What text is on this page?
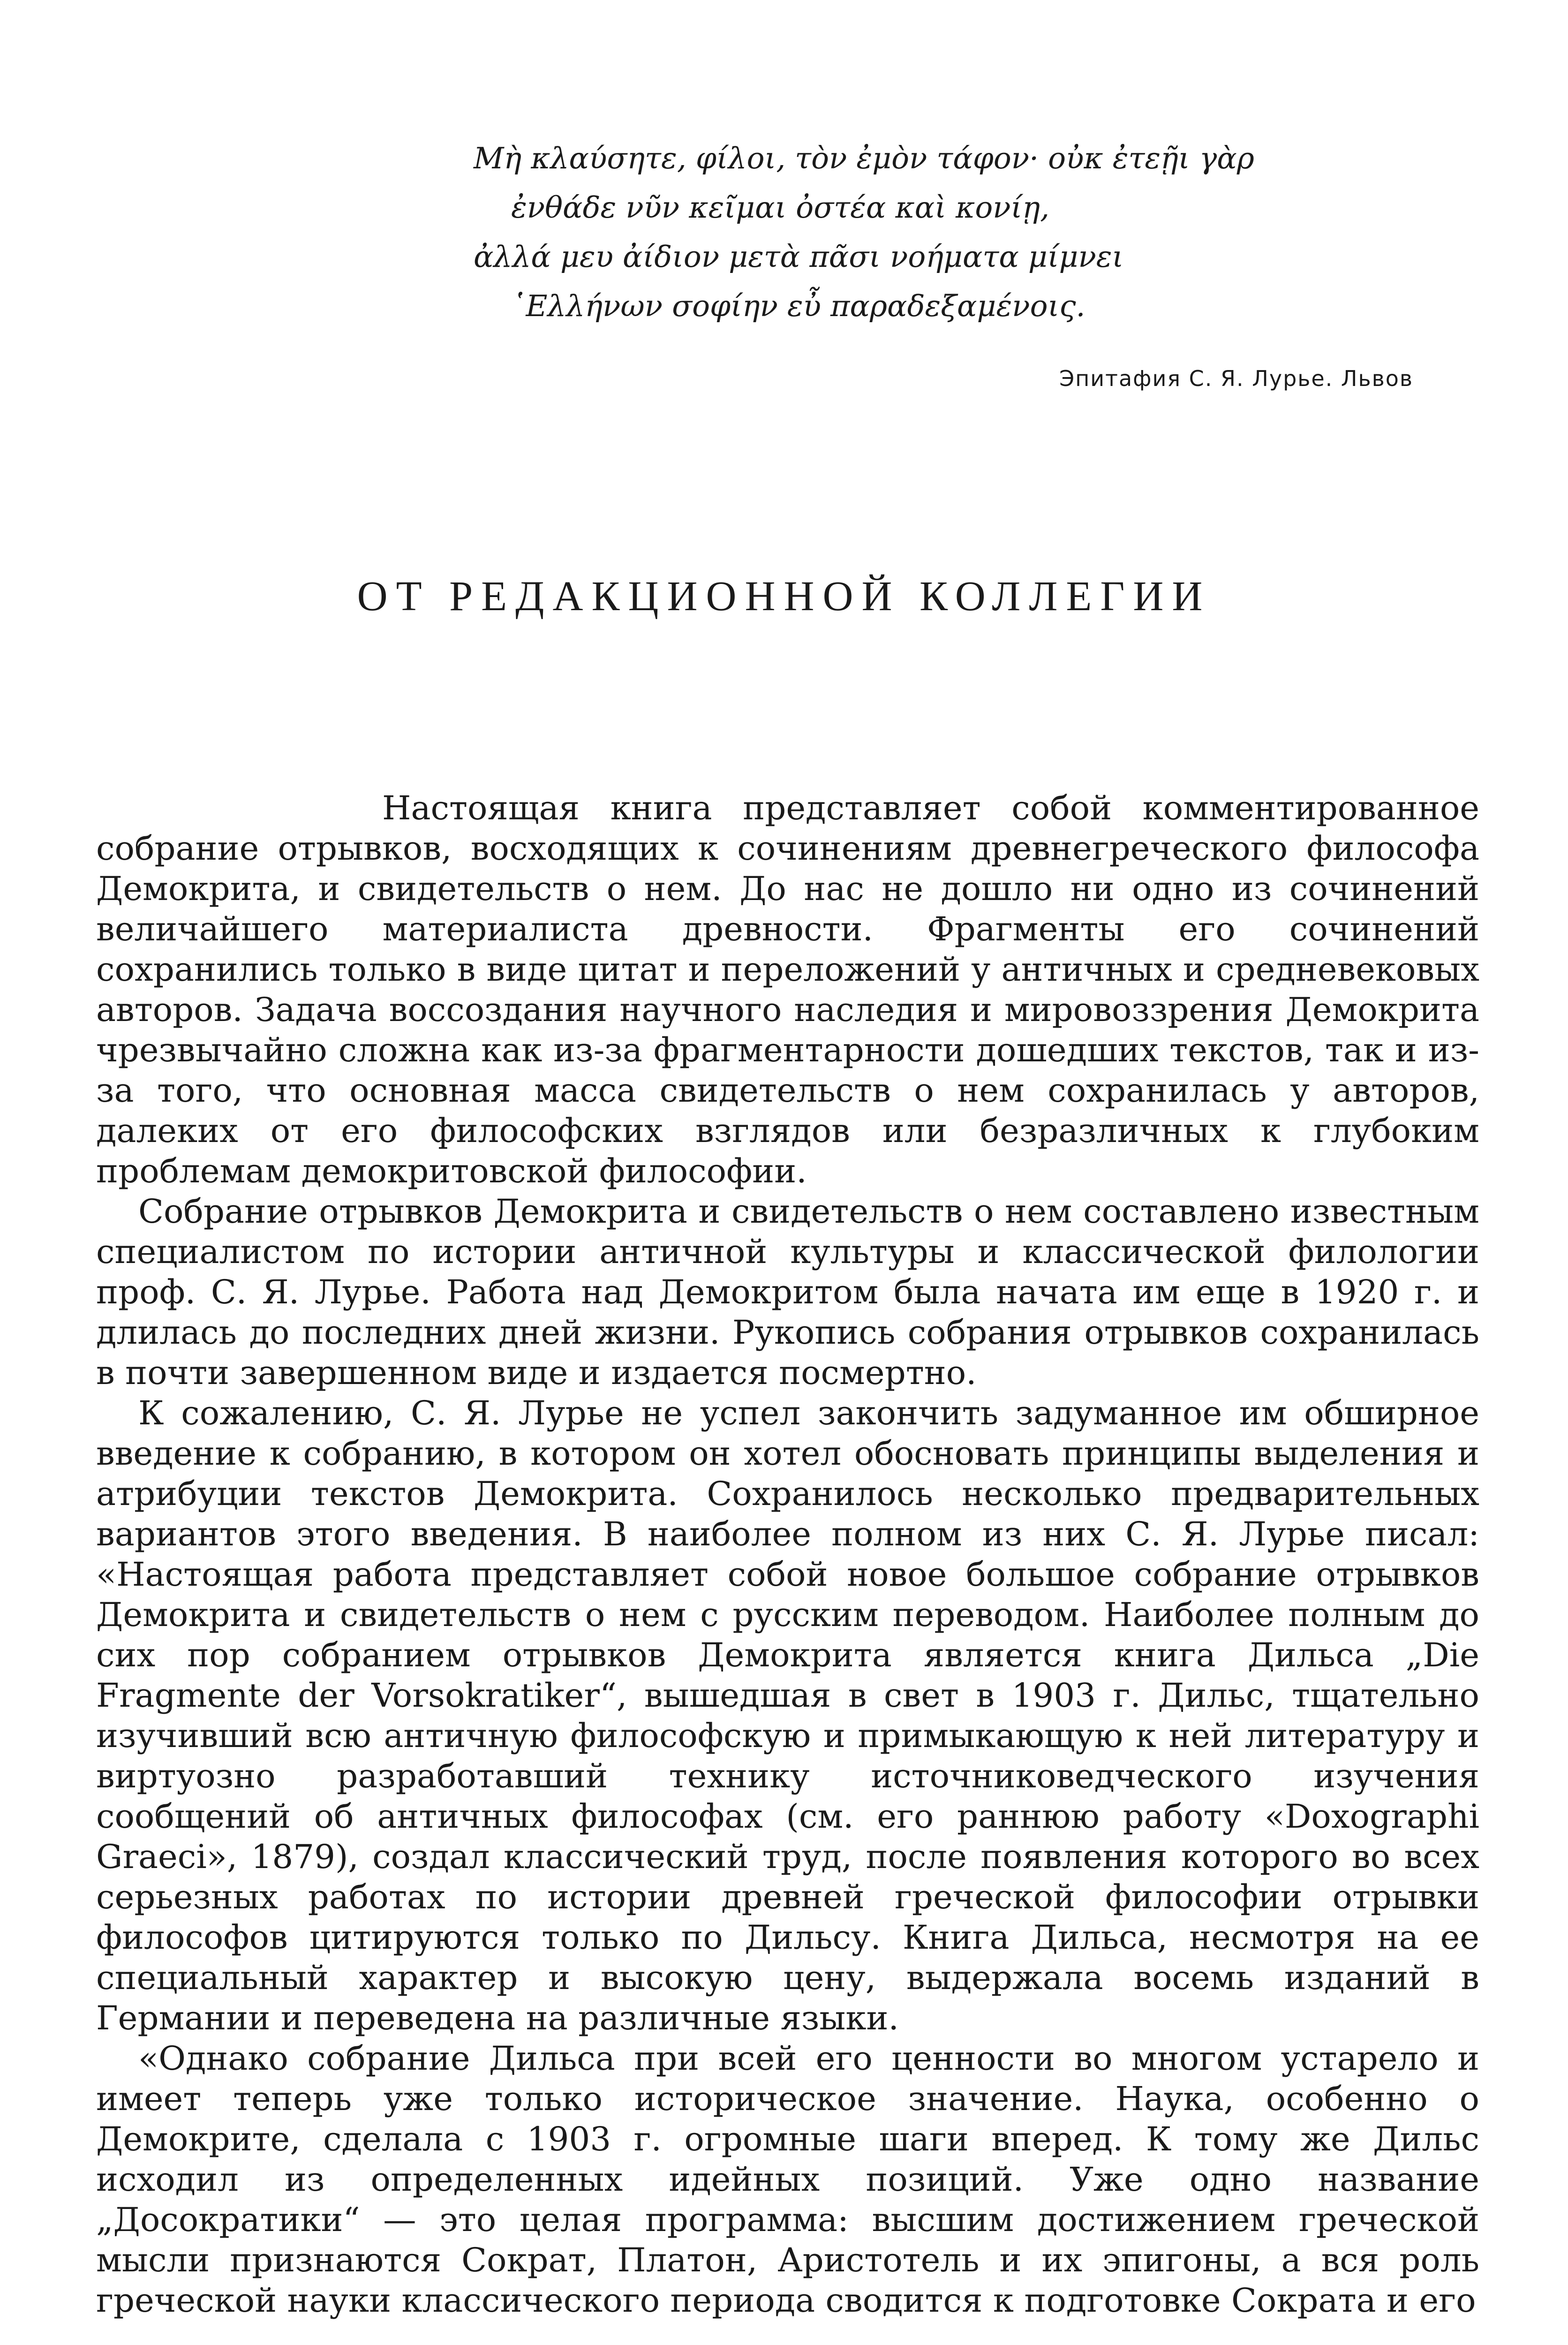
Μὴ κλαύσητε, φίλοι, τὸν ἐμὸν τάφον· οὐκ ἐτεῇι γὰρ
ἐνθάδε νῦν κεῖμαι ὀστέα καὶ κονίῃ,
ἀλλά μευ ἀίδιον μετὰ πᾶσι νοήματα μίμνει
῾Ελλήνων σοφίην εὖ παραδεξαμένοις.
Эпитафия С. Я. Лурье. Львов
ОТ РЕДАКЦИОННОЙ КОЛЛЕГИИ

Настоящая книга представляет собой комментированное собрание отрывков, восходящих к сочинениям древнегреческого философа Демокрита, и свидетельств о нем. До нас не дошло ни одно из сочинений величайшего материалиста древности. Фрагменты его сочинений сохранились только в виде цитат и переложений у античных и средневековых авторов. Задача воссоздания научного наследия и мировоззрения Демокрита чрезвычайно сложна как из-за фрагментарности дошедших текстов, так и из-за того, что основная масса свидетельств о нем сохранилась у авторов, далеких от его философских взглядов или безразличных к глубоким проблемам демокритовской философии.

Собрание отрывков Демокрита и свидетельств о нем составлено известным специалистом по истории античной культуры и классической филологии проф. С. Я. Лурье. Работа над Демокритом была начата им еще в 1920 г. и длилась до последних дней жизни. Рукопись собрания отрывков сохранилась в почти завершенном виде и издается посмертно.

К сожалению, С. Я. Лурье не успел закончить задуманное им обширное введение к собранию, в котором он хотел обосновать принципы выделения и атрибуции текстов Демокрита. Сохранилось несколько предварительных вариантов этого введения. В наиболее полном из них С. Я. Лурье писал: «Настоящая работа представляет собой новое большое собрание отрывков Демокрита и свидетельств о нем с русским переводом. Наиболее полным до сих пор собранием отрывков Демокрита является книга Дильса „Die Fragmente der Vorsokratiker“, вышедшая в свет в 1903 г. Дильс, тщательно изучивший всю античную философскую и примыкающую к ней литературу и виртуозно разработавший технику источниковедческого изучения сообщений об античных философах (см. его раннюю работу «Doxographi Graeci», 1879), создал классический труд, после появления которого во всех серьезных работах по истории древней греческой философии отрывки философов цитируются только по Дильсу. Книга Дильса, несмотря на ее специальный характер и высокую цену, выдержала восемь изданий в Германии и переведена на различные языки.

«Однако собрание Дильса при всей его ценности во многом устарело и имеет теперь уже только историческое значение. Наука, особенно о Демокрите, сделала с 1903 г. огромные шаги вперед. К тому же Дильс исходил из определенных идейных позиций. Уже одно название „Досократики“ — это целая программа: высшим достижением греческой мысли признаются Сократ, Платон, Аристотель и их эпигоны, а вся роль греческой науки классического периода сводится к подготовке Сократа и его
